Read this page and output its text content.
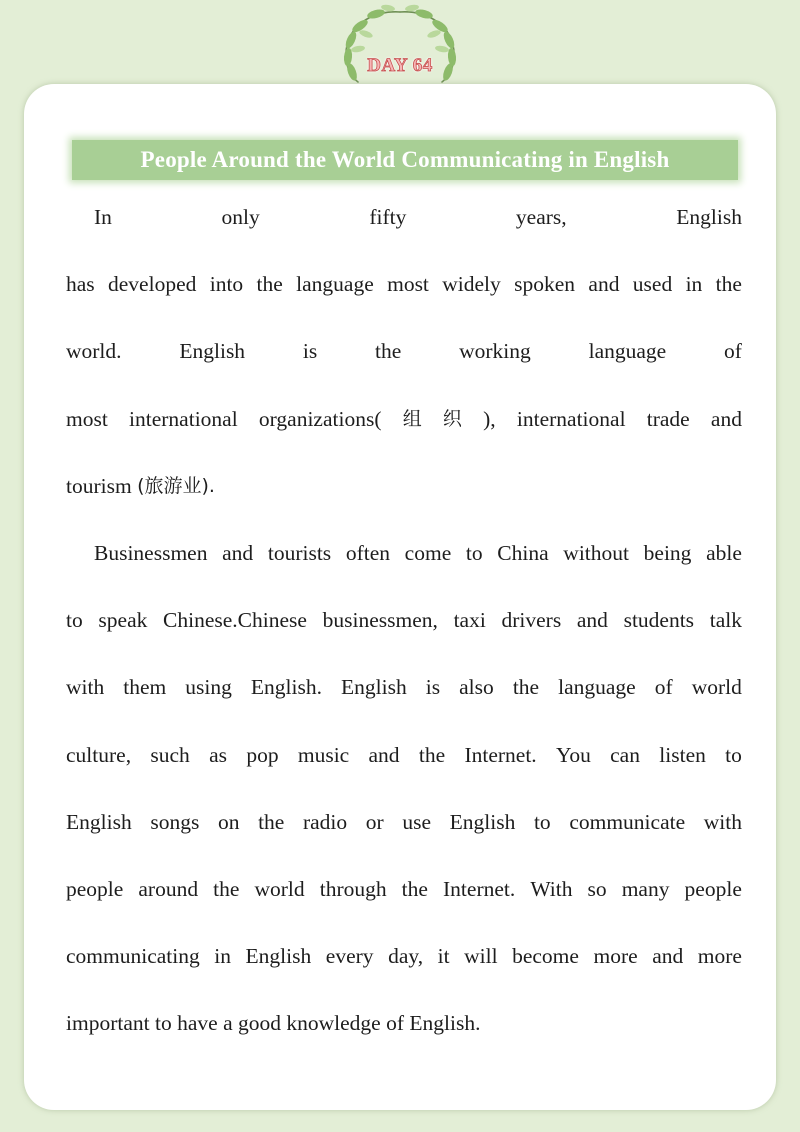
DAY 64
People Around the World Communicating in English
In	only	fifty	years,	English
has developed into the language most widely spoken and used in the
world.	English	is	the	working	language	of
most international organizations( 组 织 ), international trade and
tourism
(旅游业).
Businessmen and tourists often come to China without being able
to speak Chinese.Chinese businessmen, taxi drivers and students talk
with them using English. English is also the language of world
culture, such as pop music and the Internet. You can listen to
English songs on the radio or use English to communicate with
people around the world through the Internet. With so many people
communicating in English every day, it will become more and more
important
to
have
a
good
knowledge
of
English.
